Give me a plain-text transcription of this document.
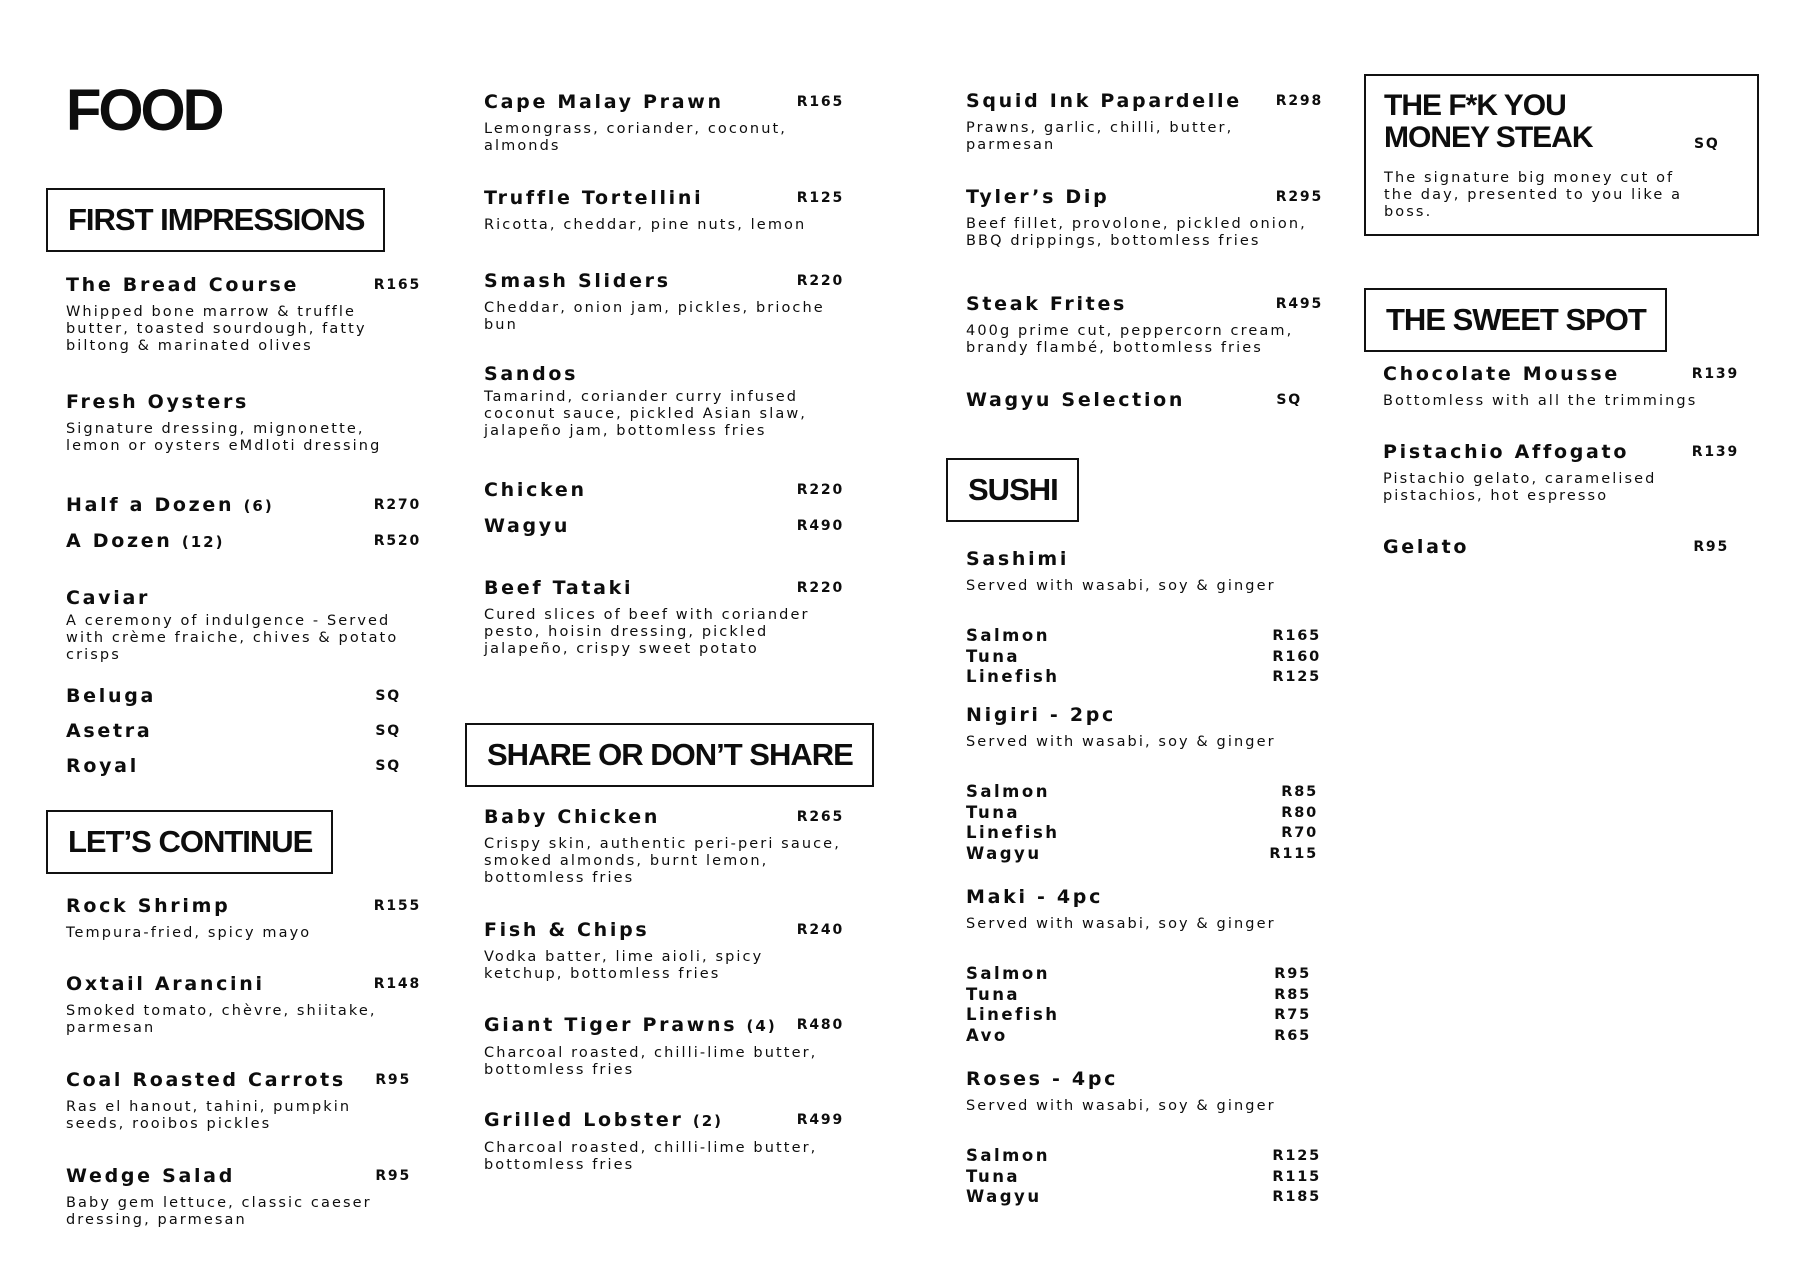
FOOD
FIRST IMPRESSIONS
The Bread Course	R165
Whipped bone marrow & truffle butter, toasted sourdough, fatty biltong & marinated olives
Fresh Oysters
Signature dressing, mignonette, lemon or oysters eMdloti dressing
Half a Dozen (6)	R270
A Dozen (12)	R520
Caviar
A ceremony of indulgence - Served with crème fraiche, chives & potato crisps
Beluga	SQ
Asetra	SQ
Royal	SQ
LET’S CONTINUE
Rock Shrimp	R155
Tempura-fried, spicy mayo
Oxtail Arancini	R148
Smoked tomato, chèvre, shiitake, parmesan
Coal Roasted Carrots	R95
Ras el hanout, tahini, pumpkin seeds, rooibos pickles
Wedge Salad	R95
Baby gem lettuce, classic caeser dressing, parmesan
Cape Malay Prawn	R165
Lemongrass, coriander, coconut, almonds
Truffle Tortellini	R125
Ricotta, cheddar, pine nuts, lemon
Smash Sliders	R220
Cheddar, onion jam, pickles, brioche bun
Sandos
Tamarind, coriander curry infused coconut sauce, pickled Asian slaw, jalapeño jam, bottomless fries
Chicken	R220
Wagyu	R490
Beef Tataki	R220
Cured slices of beef with coriander pesto, hoisin dressing, pickled jalapeño, crispy sweet potato
SHARE OR DON’T SHARE
Baby Chicken	R265
Crispy skin, authentic peri-peri sauce, smoked almonds, burnt lemon, bottomless fries
Fish & Chips	R240
Vodka batter, lime aioli, spicy ketchup, bottomless fries
Giant Tiger Prawns (4)	R480
Charcoal roasted, chilli-lime butter, bottomless fries
Grilled Lobster (2)	R499
Charcoal roasted, chilli-lime butter, bottomless fries
Squid Ink Papardelle	R298
Prawns, garlic, chilli, butter, parmesan
Tyler’s Dip	R295
Beef fillet, provolone, pickled onion, BBQ drippings, bottomless fries
Steak Frites	R495
400g prime cut, peppercorn cream, brandy flambé, bottomless fries
Wagyu Selection	SQ
SUSHI
Sashimi
Served with wasabi, soy & ginger
Salmon	R165
Tuna	R160
Linefish	R125
Nigiri - 2pc
Served with wasabi, soy & ginger
Salmon	R85
Tuna	R80
Linefish	R70
Wagyu	R115
Maki - 4pc
Served with wasabi, soy & ginger
Salmon	R95
Tuna	R85
Linefish	R75
Avo	R65
Roses - 4pc
Served with wasabi, soy & ginger
Salmon	R125
Tuna	R115
Wagyu	R185
THE F*K YOU
MONEY STEAK	SQ
The signature big money cut of the day, presented to you like a boss.
THE SWEET SPOT
Chocolate Mousse	R139
Bottomless with all the trimmings
Pistachio Affogato	R139
Pistachio gelato, caramelised pistachios, hot espresso
Gelato	R95
